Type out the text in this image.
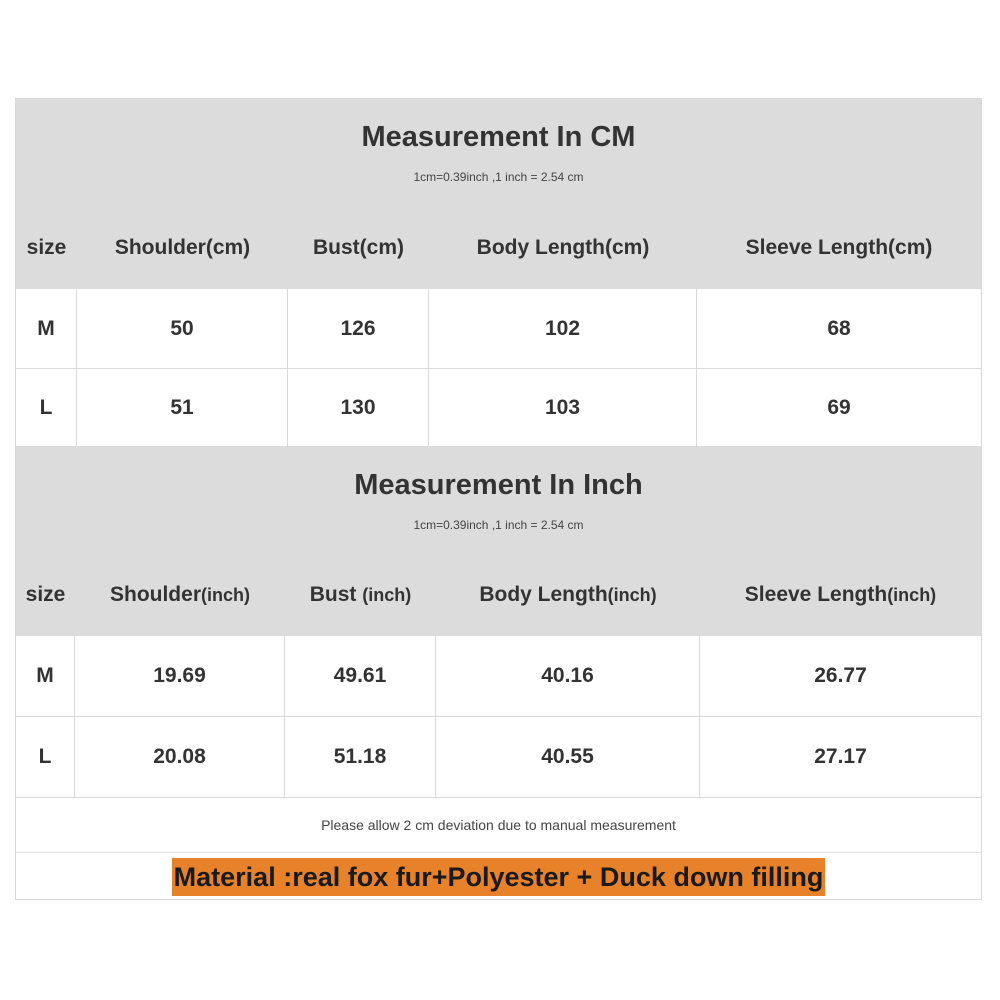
Measurement In CM
1cm=0.39inch ,1 inch = 2.54 cm
size	Shoulder(cm)	Bust(cm)	Body Length(cm)	Sleeve Length(cm)
M	50	126	102	68
L	51	130	103	69
Measurement In Inch
1cm=0.39inch ,1 inch = 2.54 cm
size	Shoulder(inch)	Bust (inch)	Body Length(inch)	Sleeve Length(inch)
M	19.69	49.61	40.16	26.77
L	20.08	51.18	40.55	27.17
Please allow 2 cm deviation due to manual measurement
Material :real fox fur+Polyester + Duck down filling
